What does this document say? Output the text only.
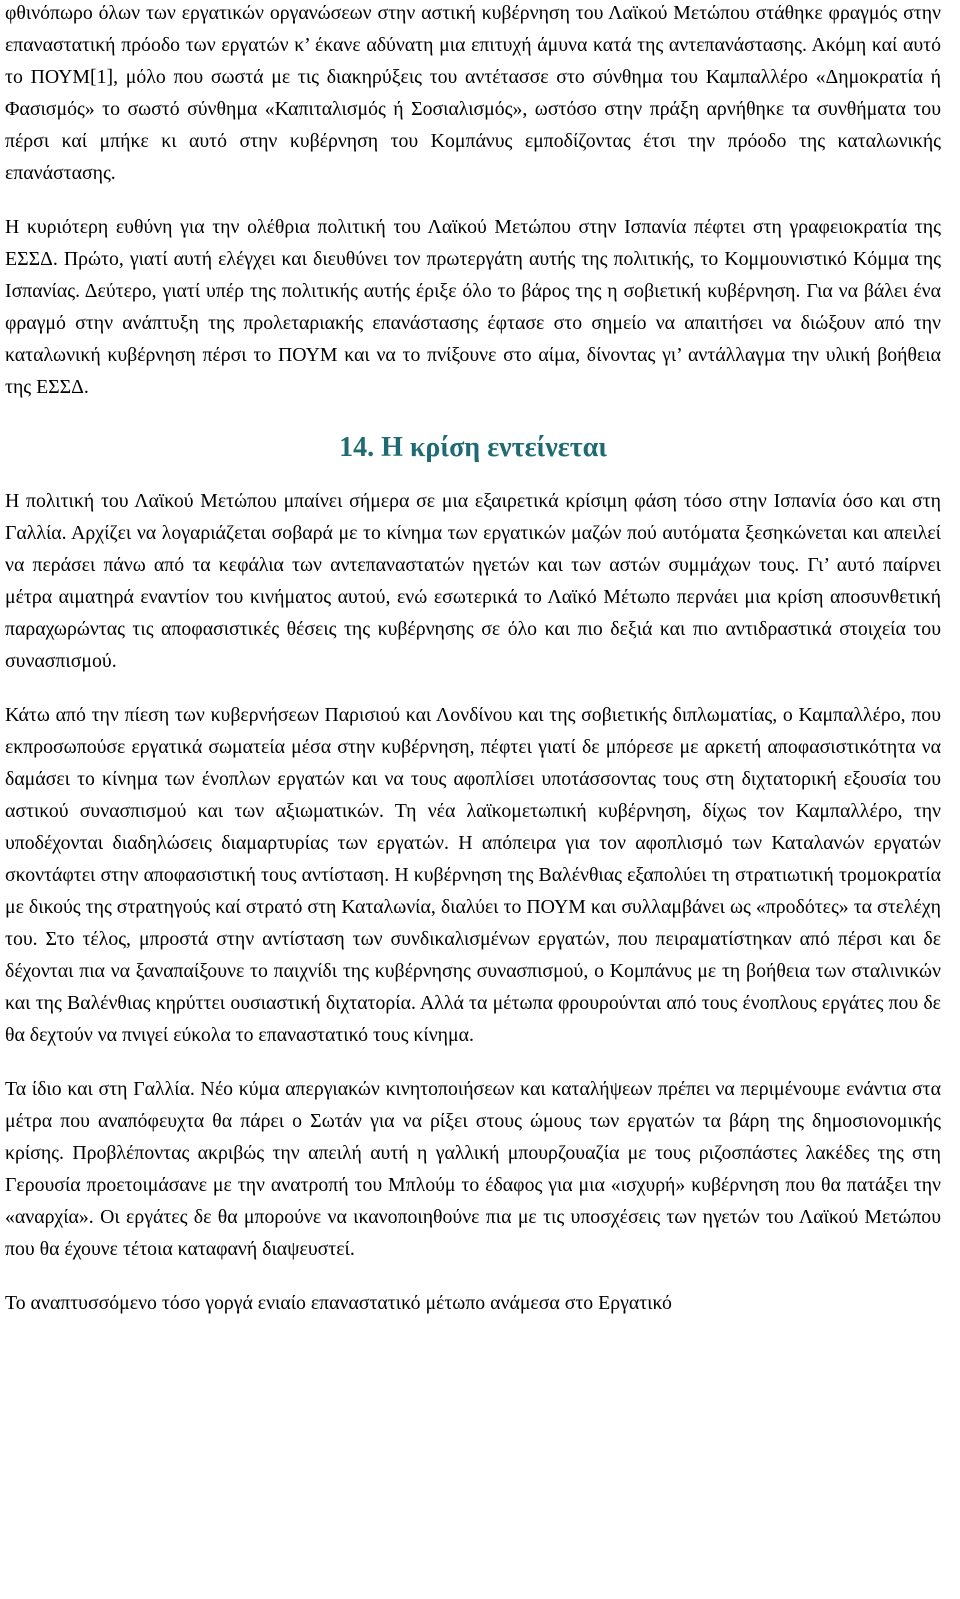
φθινόπωρο όλων των εργατικών οργανώσεων στην αστική κυβέρνηση του Λαϊκού Μετώπου στάθηκε φραγμός στην επαναστατική πρόοδο των εργατών κ’ έκανε αδύνατη μια επιτυχή άμυνα κατά της αντεπανάστασης. Ακόμη καί αυτό το ΠΟΥΜ[1], μόλο που σωστά με τις διακηρύξεις του αντέτασσε στο σύνθημα του Καμπαλλέρο «Δημοκρατία ή Φασισμός» το σωστό σύνθημα «Καπιταλισμός ή Σοσιαλισμός», ωστόσο στην πράξη αρνήθηκε τα συνθήματα του πέρσι καί μπήκε κι αυτό στην κυβέρνηση του Κομπάνυς εμποδίζοντας έτσι την πρόοδο της καταλωνικής επανάστασης.

Η κυριότερη ευθύνη για την ολέθρια πολιτική του Λαϊκού Μετώπου στην Ισπανία πέφτει στη γραφειοκρατία της ΕΣΣΔ. Πρώτο, γιατί αυτή ελέγχει και διευθύνει τον πρωτεργάτη αυτής της πολιτικής, το Κομμουνιστικό Κόμμα της Ισπανίας. Δεύτερο, γιατί υπέρ της πολιτικής αυτής έριξε όλο το βάρος της η σοβιετική κυβέρνηση. Για να βάλει ένα φραγμό στην ανάπτυξη της προλεταριακής επανάστασης έφτασε στο σημείο να απαιτήσει να διώξουν από την καταλωνική κυβέρνηση πέρσι το ΠΟΥΜ και να το πνίξουνε στο αίμα, δίνοντας γι’ αντάλλαγμα την υλική βοήθεια της ΕΣΣΔ.

14. Η κρίση εντείνεται

Η πολιτική του Λαϊκού Μετώπου μπαίνει σήμερα σε μια εξαιρετικά κρίσιμη φάση τόσο στην Ισπανία όσο και στη Γαλλία. Αρχίζει να λογαριάζεται σοβαρά με το κίνημα των εργατικών μαζών πού αυτόματα ξεσηκώνεται και απειλεί να περάσει πάνω από τα κεφάλια των αντεπαναστατών ηγετών και των αστών συμμάχων τους. Γι’ αυτό παίρνει μέτρα αιματηρά εναντίον του κινήματος αυτού, ενώ εσωτερικά το Λαϊκό Μέτωπο περνάει μια κρίση αποσυνθετική παραχωρώντας τις αποφασιστικές θέσεις της κυβέρνησης σε όλο και πιο δεξιά και πιο αντιδραστικά στοιχεία του συνασπισμού.

Κάτω από την πίεση των κυβερνήσεων Παρισιού και Λονδίνου και της σοβιετικής διπλωματίας, ο Καμπαλλέρο, που εκπροσωπούσε εργατικά σωματεία μέσα στην κυβέρνηση, πέφτει γιατί δε μπόρεσε με αρκετή αποφασιστικότητα να δαμάσει το κίνημα των ένοπλων εργατών και να τους αφοπλίσει υποτάσσοντας τους στη διχτατορική εξουσία του αστικού συνασπισμού και των αξιωματικών. Τη νέα λαϊκομετωπική κυβέρνηση, δίχως τον Καμπαλλέρο, την υποδέχονται διαδηλώσεις διαμαρτυρίας των εργατών. Η απόπειρα για τον αφοπλισμό των Καταλανών εργατών σκοντάφτει στην αποφασιστική τους αντίσταση. Η κυβέρνηση της Βαλένθιας εξαπολύει τη στρατιωτική τρομοκρατία με δικούς της στρατηγούς καί στρατό στη Καταλωνία, διαλύει το ΠΟΥΜ και συλλαμβάνει ως «προδότες» τα στελέχη του. Στο τέλος, μπροστά στην αντίσταση των συνδικαλισμένων εργατών, που πειραματίστηκαν από πέρσι και δε δέχονται πια να ξαναπαίξουνε το παιχνίδι της κυβέρνησης συνασπισμού, ο Κομπάνυς με τη βοήθεια των σταλινικών και της Βαλένθιας κηρύττει ουσιαστική διχτατορία. Αλλά τα μέτωπα φρουρούνται από τους ένοπλους εργάτες που δε θα δεχτούν να πνιγεί εύκολα το επαναστατικό τους κίνημα.

Τα ίδιο και στη Γαλλία. Νέο κύμα απεργιακών κινητοποιήσεων και καταλήψεων πρέπει να περιμένουμε ενάντια στα μέτρα που αναπόφευχτα θα πάρει ο Σωτάν για να ρίξει στους ώμους των εργατών τα βάρη της δημοσιονομικής κρίσης. Προβλέποντας ακριβώς την απειλή αυτή η γαλλική μπουρζουαζία με τους ριζοσπάστες λακέδες της στη Γερουσία προετοιμάσανε με την ανατροπή του Μπλούμ το έδαφος για μια «ισχυρή» κυβέρνηση που θα πατάξει την «αναρχία». Οι εργάτες δε θα μπορούνε να ικανοποιηθούνε πια με τις υποσχέσεις των ηγετών του Λαϊκού Μετώπου που θα έχουνε τέτοια καταφανή διαψευστεί.

Το αναπτυσσόμενο τόσο γοργά ενιαίο επαναστατικό μέτωπο ανάμεσα στο Εργατικό
